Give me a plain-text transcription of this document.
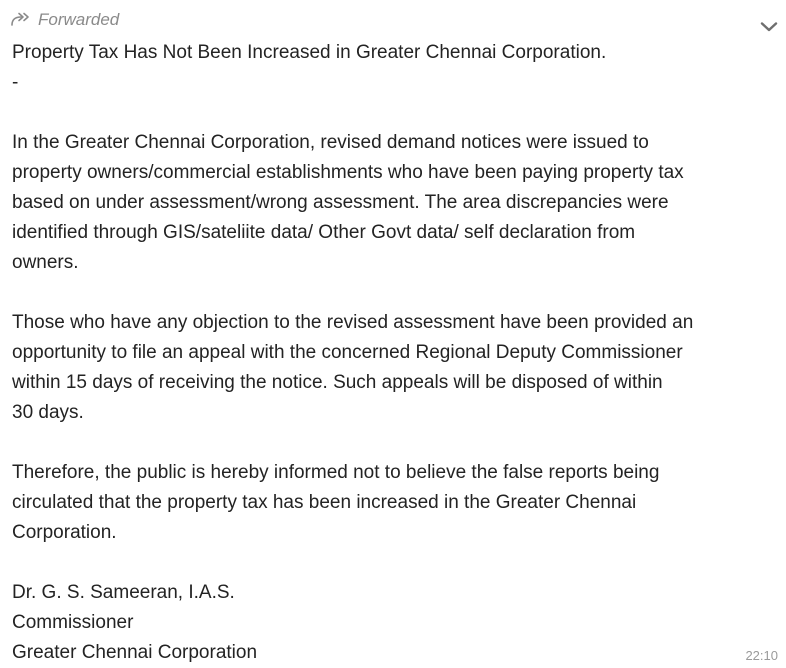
Forwarded

Property Tax Has Not Been Increased in Greater Chennai Corporation.

-

In the Greater Chennai Corporation, revised demand notices were issued to
property owners/commercial establishments who have been paying property tax
based on under assessment/wrong assessment. The area discrepancies were
identified through GIS/sateliite data/ Other Govt data/ self declaration from
owners.

Those who have any objection to the revised assessment have been provided an
opportunity to file an appeal with the concerned Regional Deputy Commissioner
within 15 days of receiving the notice. Such appeals will be disposed of within
30 days.

Therefore, the public is hereby informed not to believe the false reports being
circulated that the property tax has been increased in the Greater Chennai
Corporation.

Dr. G. S. Sameeran, I.A.S.
Commissioner
Greater Chennai Corporation	22:10
